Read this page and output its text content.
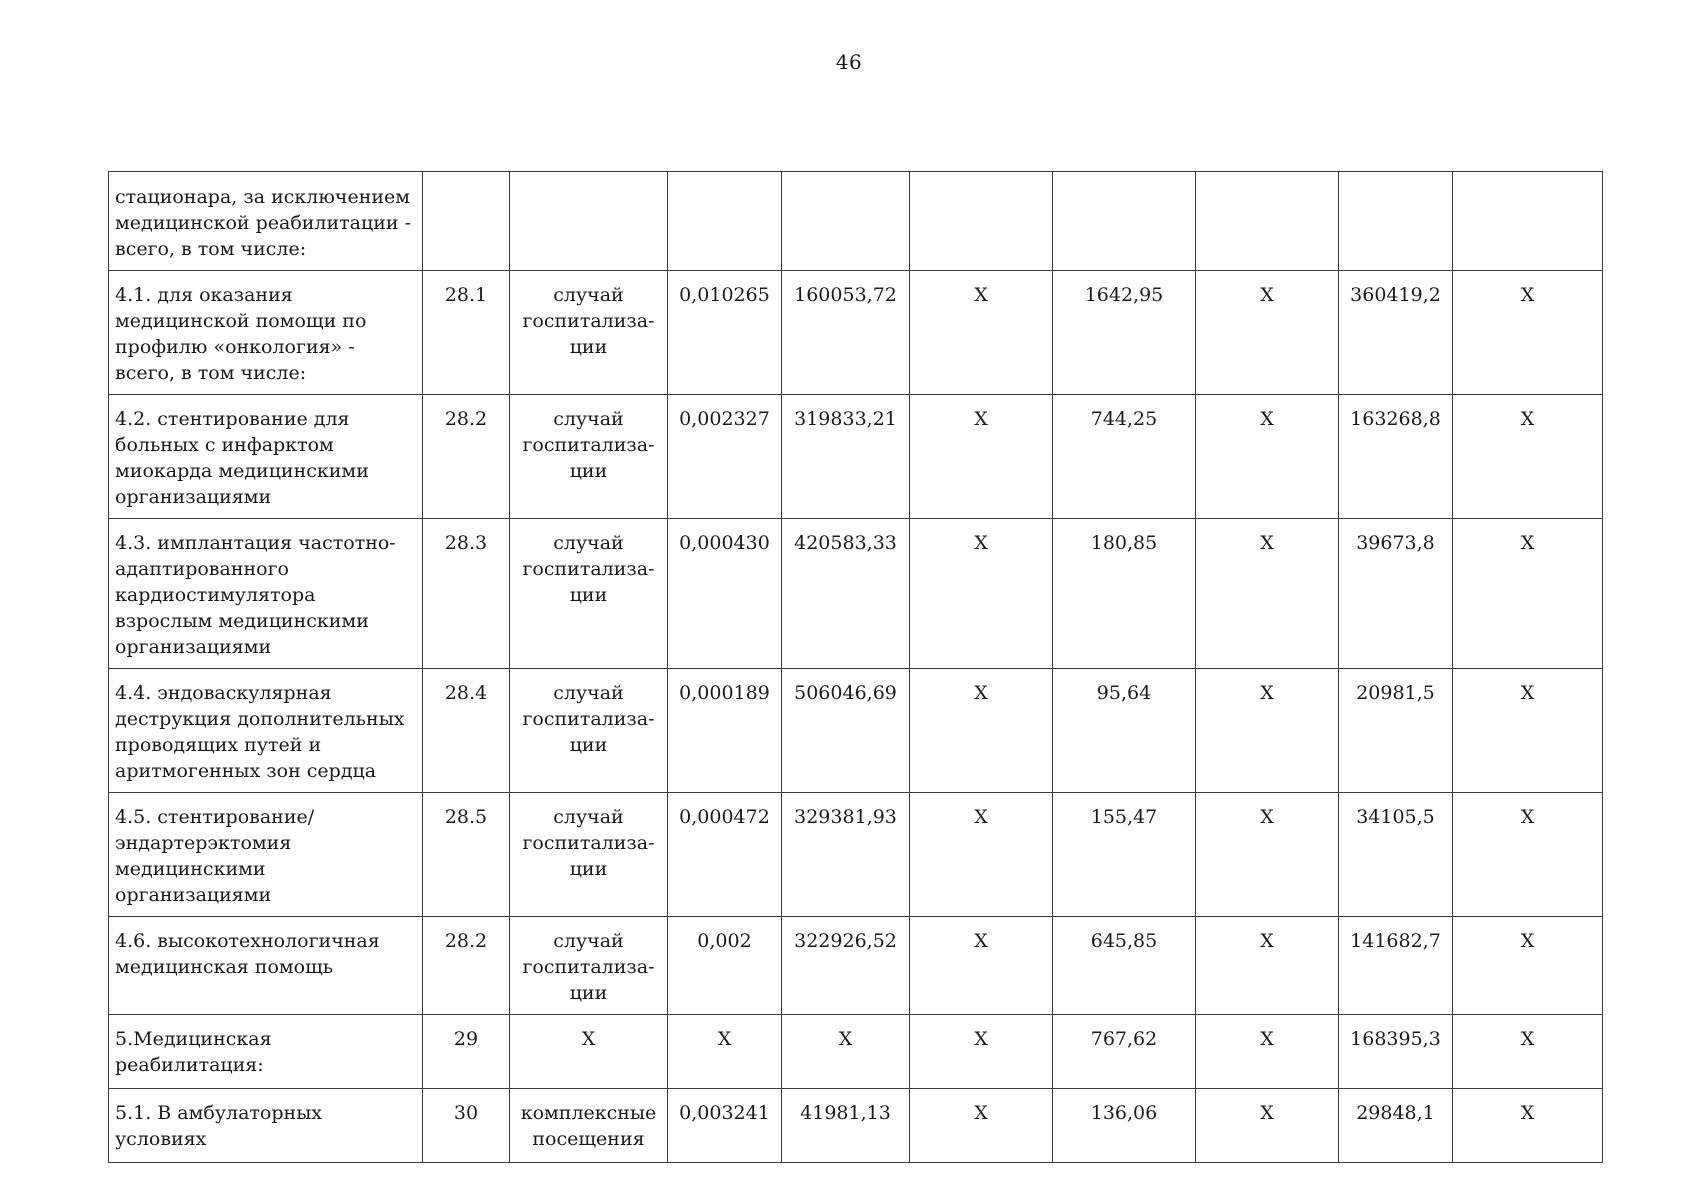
46
стационара, за исключением медицинской реабилитации - всего, в том числе:									
4.1. для оказания медицинской помощи по профилю «онкология» - всего, в том числе:	28.1	случай госпитализа-ции	0,010265	160053,72	Х	1642,95	Х	360419,2	Х
4.2. стентирование для больных с инфарктом миокарда медицинскими организациями	28.2	случай госпитализа-ции	0,002327	319833,21	Х	744,25	Х	163268,8	Х
4.3. имплантация частотно-адаптированного кардиостимулятора взрослым медицинскими организациями	28.3	случай госпитализа-ции	0,000430	420583,33	Х	180,85	Х	39673,8	Х
4.4. эндоваскулярная деструкция дополнительных проводящих путей и аритмогенных зон сердца	28.4	случай госпитализа-ции	0,000189	506046,69	Х	95,64	Х	20981,5	Х
4.5. стентирование/эндартерэктомия медицинскими организациями	28.5	случай госпитализа-ции	0,000472	329381,93	Х	155,47	Х	34105,5	Х
4.6. высокотехнологичная медицинская помощь	28.2	случай госпитализа-ции	0,002	322926,52	Х	645,85	Х	141682,7	Х
5.Медицинская реабилитация:	29	Х	Х	Х	Х	767,62	Х	168395,3	Х
5.1. В амбулаторных условиях	30	комплексные посещения	0,003241	41981,13	Х	136,06	Х	29848,1	Х
